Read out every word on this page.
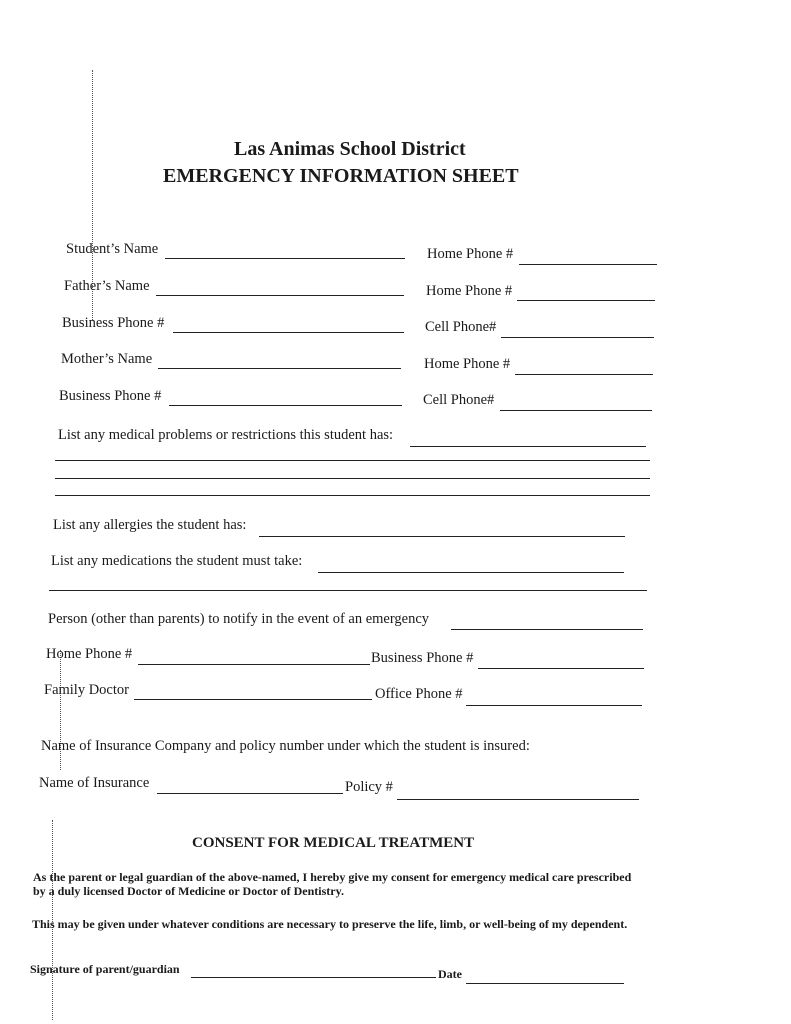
Las Animas School District
EMERGENCY INFORMATION SHEET
Student’s Name	Home Phone #
Father’s Name	Home Phone #
Business Phone #	Cell Phone#
Mother’s Name	Home Phone #
Business Phone #	Cell Phone#
List any medical problems or restrictions this student has:
List any allergies the student has:
List any medications the student must take:
Person (other than parents) to notify in the event of an emergency
Home Phone #	Business Phone #
Family Doctor	Office Phone #
Name of Insurance Company and policy number under which the student is insured:
Name of Insurance	Policy #
CONSENT FOR MEDICAL TREATMENT
As the parent or legal guardian of the above-named, I hereby give my consent for emergency medical care prescribed by a duly licensed Doctor of Medicine or Doctor of Dentistry.
This may be given under whatever conditions are necessary to preserve the life, limb, or well-being of my dependent.
Signature of parent/guardian	Date
